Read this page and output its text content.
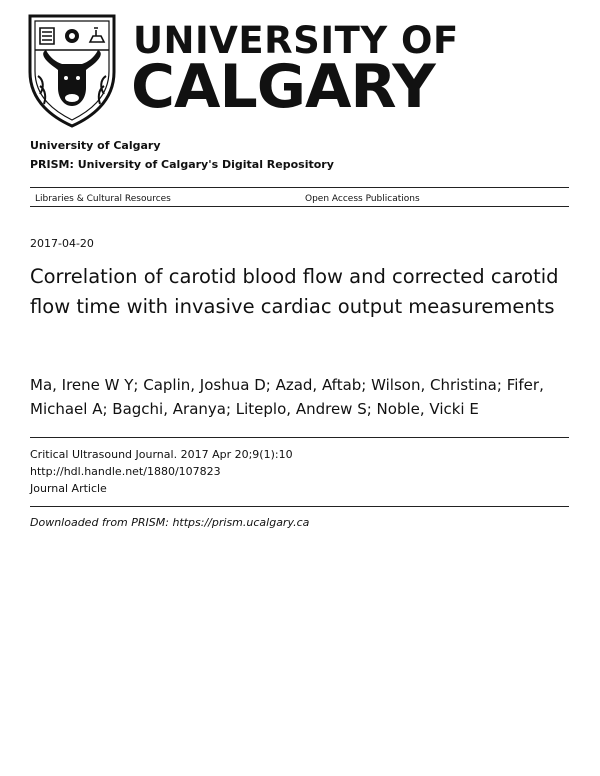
UNIVERSITY OF
CALGARY
University of Calgary
PRISM: University of Calgary's Digital Repository
Libraries & Cultural Resources	Open Access Publications
2017-04-20
Correlation of carotid blood flow and corrected carotid flow time with invasive cardiac output measurements
Ma, Irene W Y; Caplin, Joshua D; Azad, Aftab; Wilson, Christina; Fifer, Michael A; Bagchi, Aranya; Liteplo, Andrew S; Noble, Vicki E
Critical Ultrasound Journal. 2017 Apr 20;9(1):10
http://hdl.handle.net/1880/107823
Journal Article
Downloaded from PRISM: https://prism.ucalgary.ca
